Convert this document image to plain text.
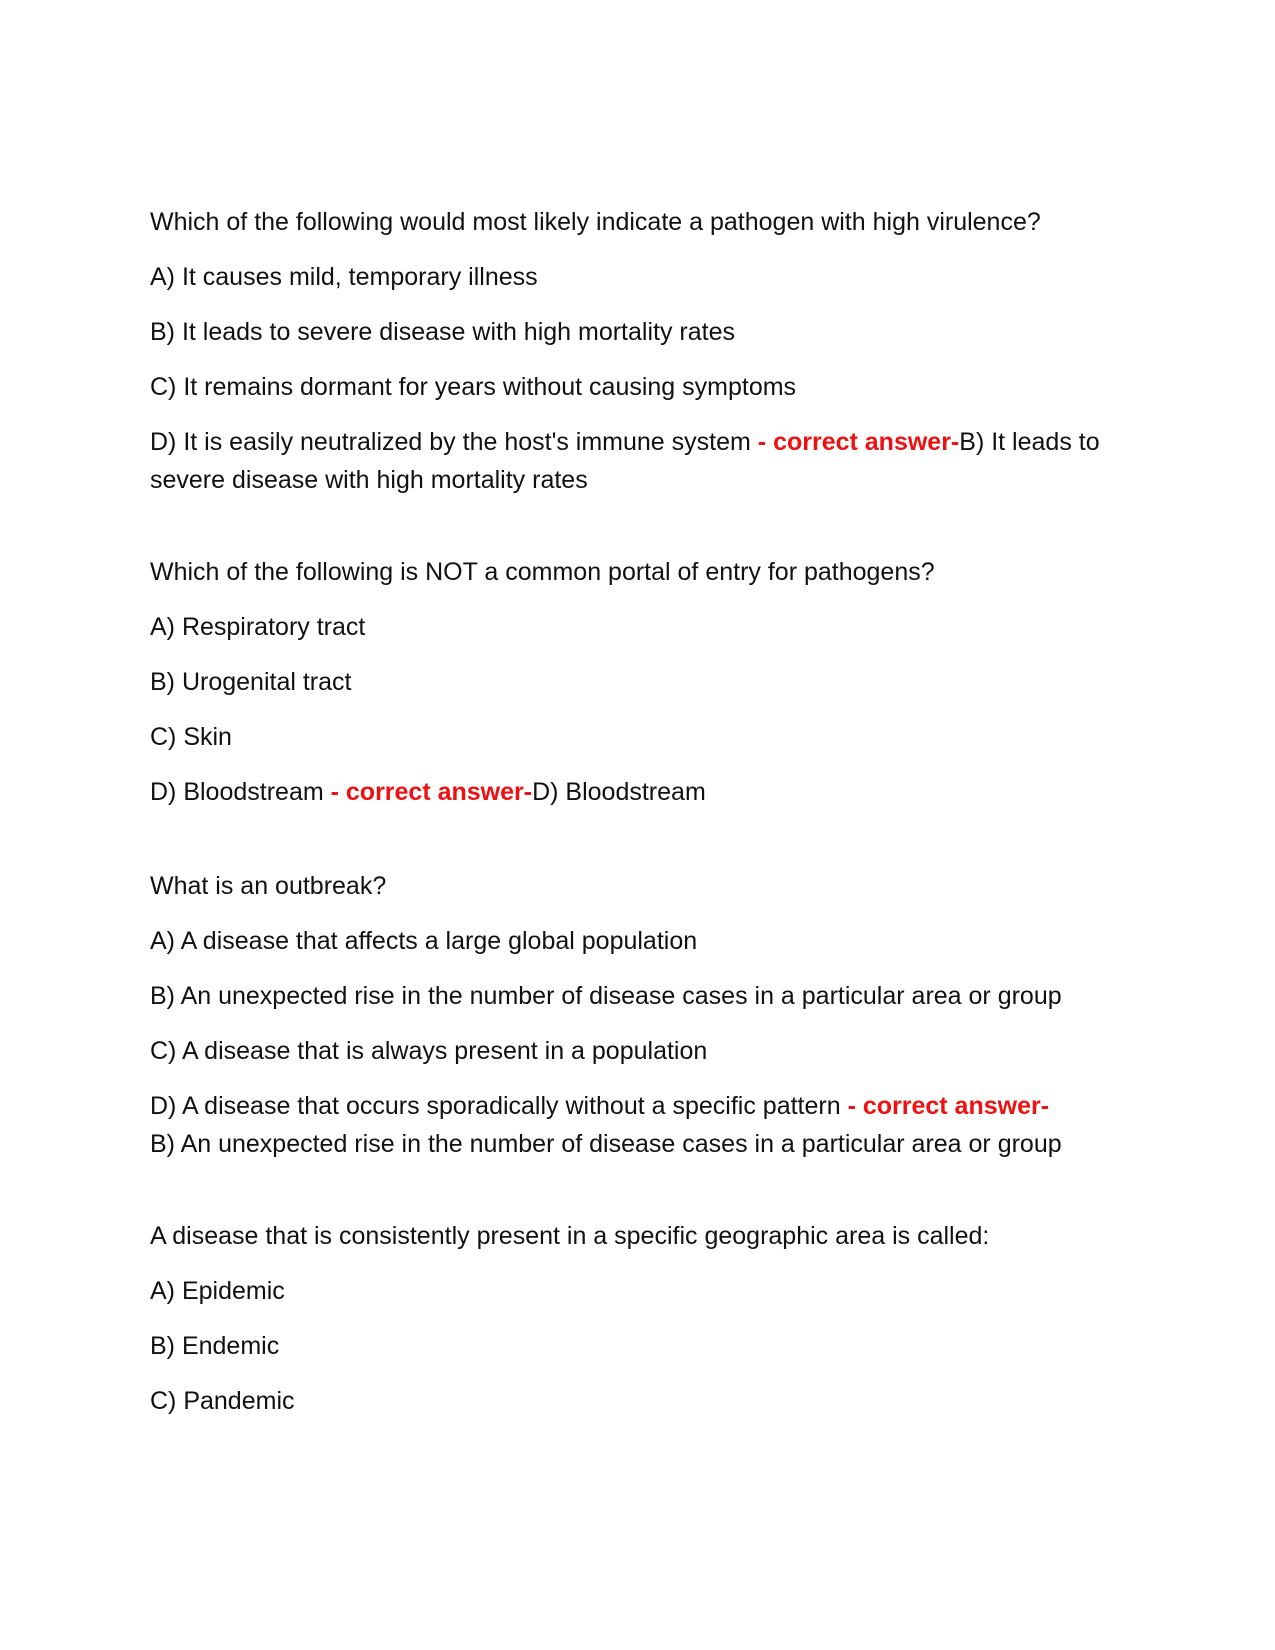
Which of the following would most likely indicate a pathogen with high virulence?
A) It causes mild, temporary illness
B) It leads to severe disease with high mortality rates
C) It remains dormant for years without causing symptoms
D) It is easily neutralized by the host's immune system - correct answer-B) It leads to severe disease with high mortality rates
Which of the following is NOT a common portal of entry for pathogens?
A) Respiratory tract
B) Urogenital tract
C) Skin
D) Bloodstream - correct answer-D) Bloodstream
What is an outbreak?
A) A disease that affects a large global population
B) An unexpected rise in the number of disease cases in a particular area or group
C) A disease that is always present in a population
D) A disease that occurs sporadically without a specific pattern - correct answer-
B) An unexpected rise in the number of disease cases in a particular area or group
A disease that is consistently present in a specific geographic area is called:
A) Epidemic
B) Endemic
C) Pandemic
